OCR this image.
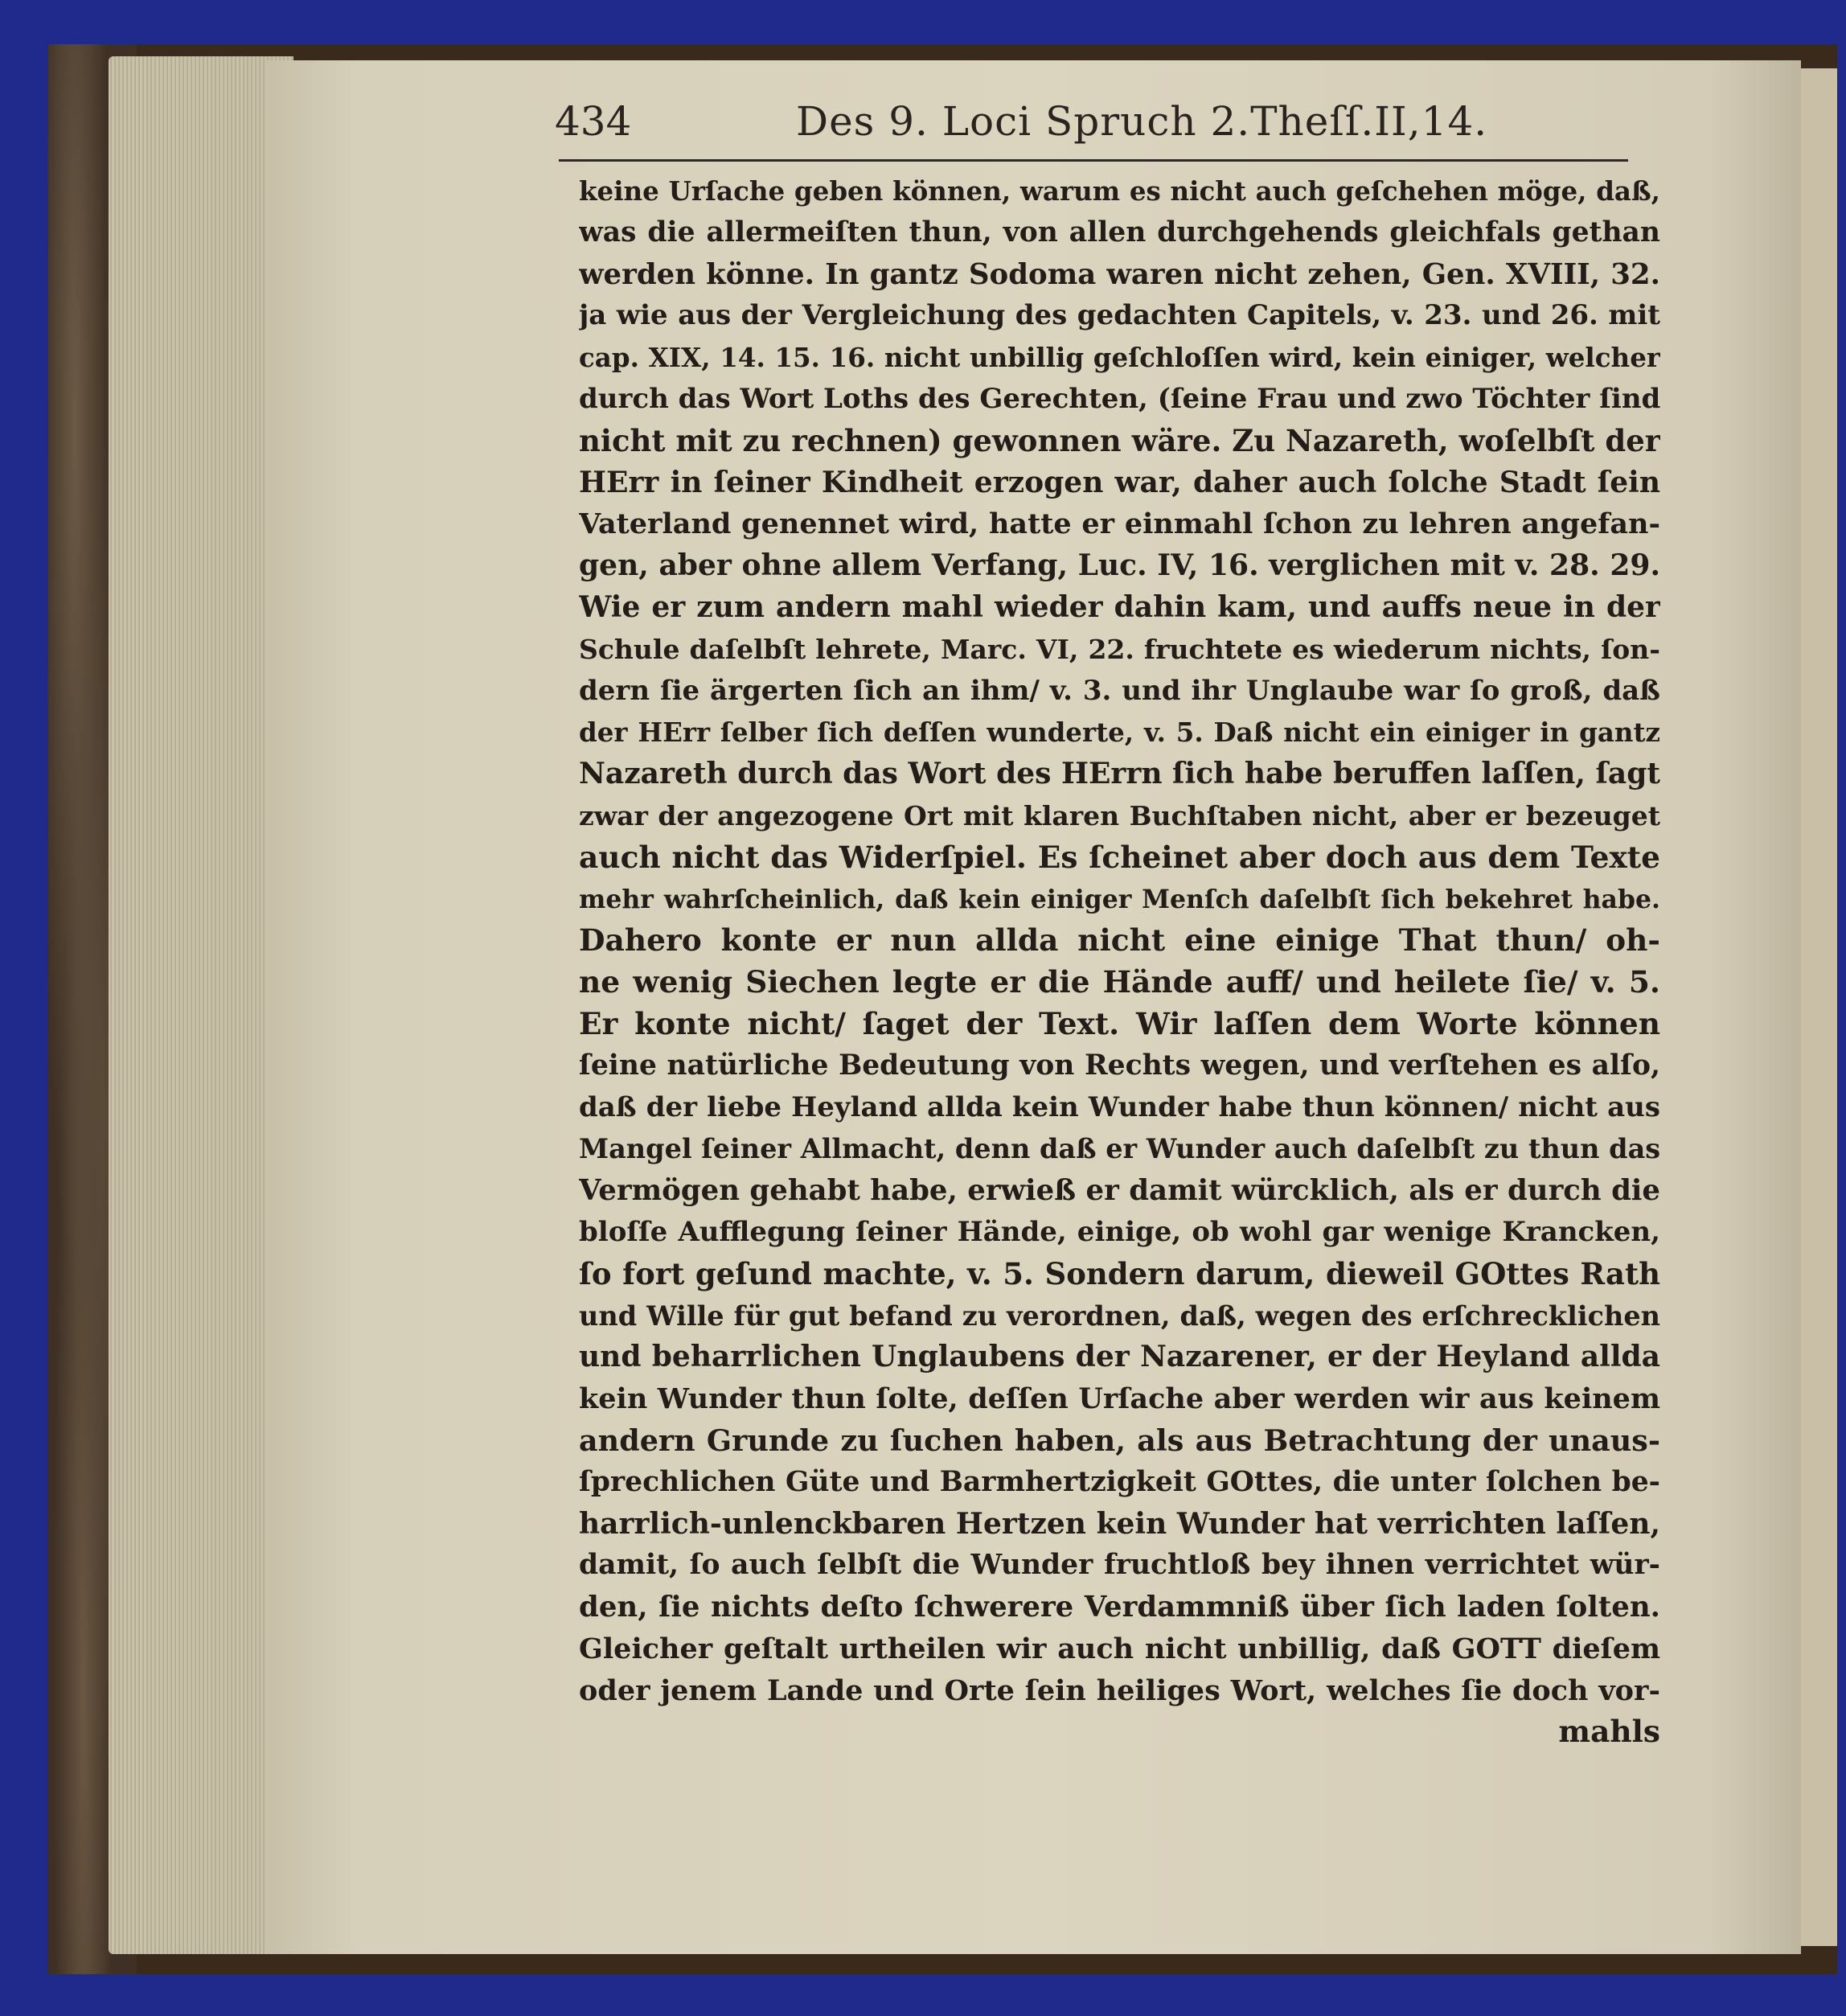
434	Des 9. Loci Spruch 2.Theſſ.II,14.
keine Urſache geben können, warum es nicht auch geſchehen möge, daß,
was die allermeiſten thun, von allen durchgehends gleichfals gethan
werden könne. In gantz Sodoma waren nicht zehen, Gen. XVIII, 32.
ja wie aus der Vergleichung des gedachten Capitels, v. 23. und 26. mit
cap. XIX, 14. 15. 16. nicht unbillig geſchloſſen wird, kein einiger, welcher
durch das Wort Loths des Gerechten, (ſeine Frau und zwo Töchter ſind
nicht mit zu rechnen) gewonnen wäre. Zu Nazareth, woſelbſt der
HErr in ſeiner Kindheit erzogen war, daher auch ſolche Stadt ſein
Vaterland genennet wird, hatte er einmahl ſchon zu lehren angefan-
gen, aber ohne allem Verfang, Luc. IV, 16. verglichen mit v. 28. 29.
Wie er zum andern mahl wieder dahin kam, und auffs neue in der
Schule daſelbſt lehrete, Marc. VI, 22. fruchtete es wiederum nichts, ſon-
dern ſie ärgerten ſich an ihm/ v. 3. und ihr Unglaube war ſo groß, daß
der HErr ſelber ſich deſſen wunderte, v. 5. Daß nicht ein einiger in gantz
Nazareth durch das Wort des HErrn ſich habe beruffen laſſen, ſagt
zwar der angezogene Ort mit klaren Buchſtaben nicht, aber er bezeuget
auch nicht das Widerſpiel. Es ſcheinet aber doch aus dem Texte
mehr wahrſcheinlich, daß kein einiger Menſch daſelbſt ſich bekehret habe.
Dahero konte er nun allda nicht eine einige That thun/ oh-
ne wenig Siechen legte er die Hände auff/ und heilete ſie/ v. 5.
Er konte nicht/ ſaget der Text. Wir laſſen dem Worte können
ſeine natürliche Bedeutung von Rechts wegen, und verſtehen es alſo,
daß der liebe Heyland allda kein Wunder habe thun können/ nicht aus
Mangel ſeiner Allmacht, denn daß er Wunder auch daſelbſt zu thun das
Vermögen gehabt habe, erwieß er damit würcklich, als er durch die
bloſſe Aufflegung ſeiner Hände, einige, ob wohl gar wenige Krancken,
ſo fort geſund machte, v. 5. Sondern darum, dieweil GOttes Rath
und Wille für gut befand zu verordnen, daß, wegen des erſchrecklichen
und beharrlichen Unglaubens der Nazarener, er der Heyland allda
kein Wunder thun ſolte, deſſen Urſache aber werden wir aus keinem
andern Grunde zu ſuchen haben, als aus Betrachtung der unaus-
ſprechlichen Güte und Barmhertzigkeit GOttes, die unter ſolchen be-
harrlich-unlenckbaren Hertzen kein Wunder hat verrichten laſſen,
damit, ſo auch ſelbſt die Wunder fruchtloß bey ihnen verrichtet wür-
den, ſie nichts deſto ſchwerere Verdammniß über ſich laden ſolten.
Gleicher geſtalt urtheilen wir auch nicht unbillig, daß GOTT dieſem
oder jenem Lande und Orte ſein heiliges Wort, welches ſie doch vor-
mahls
